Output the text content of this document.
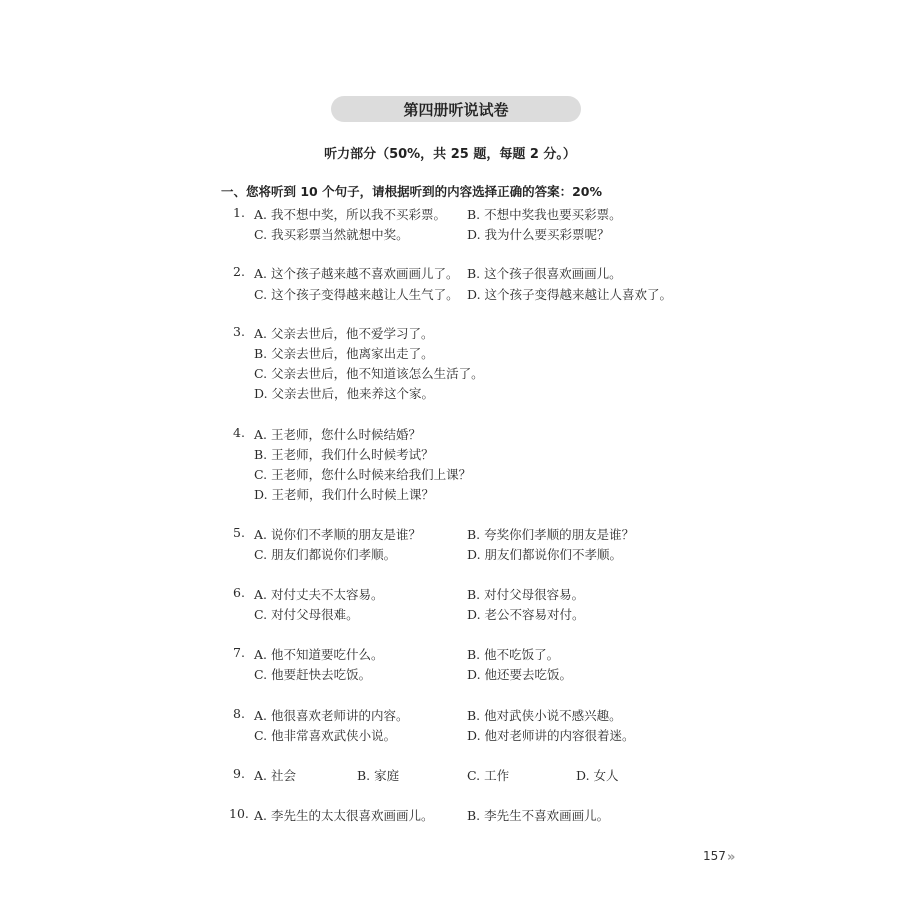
第四册听说试卷
听力部分（50%，共 25 题，每题 2 分。）
一、您将听到 10 个句子，请根据听到的内容选择正确的答案：20%
1. A. 我不想中奖，所以我不买彩票。 B. 不想中奖我也要买彩票。
C. 我买彩票当然就想中奖。	D. 我为什么要买彩票呢？
2. A. 这个孩子越来越不喜欢画画儿了。 B. 这个孩子很喜欢画画儿。
C. 这个孩子变得越来越让人生气了。 D. 这个孩子变得越来越让人喜欢了。
3. A. 父亲去世后，他不爱学习了。
B. 父亲去世后，他离家出走了。
C. 父亲去世后，他不知道该怎么生活了。
D. 父亲去世后，他来养这个家。
4. A. 王老师，您什么时候结婚？
B. 王老师，我们什么时候考试？
C. 王老师，您什么时候来给我们上课？
D. 王老师，我们什么时候上课？
5. A. 说你们不孝顺的朋友是谁？	B. 夸奖你们孝顺的朋友是谁？
C. 朋友们都说你们孝顺。	D. 朋友们都说你们不孝顺。
6. A. 对付丈夫不太容易。	B. 对付父母很容易。
C. 对付父母很难。	D. 老公不容易对付。
7. A. 他不知道要吃什么。	B. 他不吃饭了。
C. 他要赶快去吃饭。	D. 他还要去吃饭。
8. A. 他很喜欢老师讲的内容。	B. 他对武侠小说不感兴趣。
C. 他非常喜欢武侠小说。	D. 他对老师讲的内容很着迷。
9. A. 社会	B. 家庭	C. 工作	D. 女人
10. A. 李先生的太太很喜欢画画儿。	B. 李先生不喜欢画画儿。
157 »
